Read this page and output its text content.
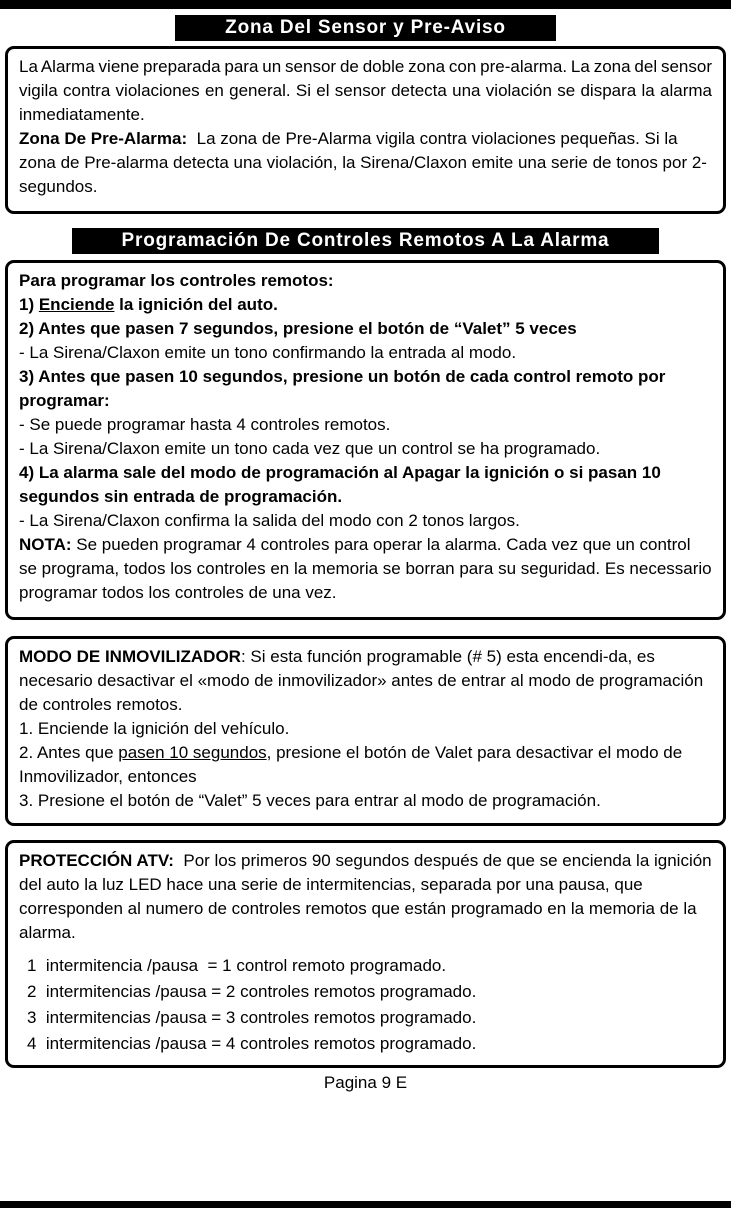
Zona Del Sensor y Pre-Aviso

La Alarma viene preparada para un sensor de doble zona con pre-alarma. La zona del sensor vigila contra violaciones en general. Si el sensor detecta una violación se dispara la alarma inmediatamente.

Zona De Pre-Alarma:  La zona de Pre-Alarma vigila contra violaciones pequeñas. Si la zona de Pre-alarma detecta una violación, la Sirena/Claxon emite una serie de tonos por 2-segundos.

Programación De Controles Remotos A La Alarma

Para programar los controles remotos:

1) Enciende la ignición del auto.

2) Antes que pasen 7 segundos, presione el botón de “Valet” 5 veces

- La Sirena/Claxon emite un tono confirmando la entrada al modo.

3) Antes que pasen 10 segundos, presione un botón de cada control remoto por programar:

- Se puede programar hasta 4 controles remotos.

- La Sirena/Claxon emite un tono cada vez que un control se ha programado.

4) La alarma sale del modo de programación al Apagar la ignición o si pasan 10 segundos sin entrada de programación.

- La Sirena/Claxon confirma la salida del modo con 2 tonos largos.

NOTA: Se pueden programar 4 controles para operar la alarma. Cada vez que un control se programa, todos los controles en la memoria se borran para su seguridad. Es necessario programar todos los controles de una vez.

MODO DE INMOVILIZADOR: Si esta función programable (# 5) esta encendi-da, es necesario desactivar el «modo de inmovilizador» antes de entrar al modo de programación de controles remotos.

1. Enciende la ignición del vehículo.

2. Antes que pasen 10 segundos, presione el botón de Valet para desactivar el modo de Inmovilizador, entonces

3. Presione el botón de “Valet” 5 veces para entrar al modo de programación.

PROTECCIÓN ATV:  Por los primeros 90 segundos después de que se encienda la ignición del auto la luz LED hace una serie de intermitencias, separada por una pausa, que corresponden al numero de controles remotos que están programado en la memoria de la alarma.

1  intermitencia /pausa  = 1 control remoto programado.
2  intermitencias /pausa = 2 controles remotos programado.
3  intermitencias /pausa = 3 controles remotos programado.
4  intermitencias /pausa = 4 controles remotos programado.
Pagina 9 E
